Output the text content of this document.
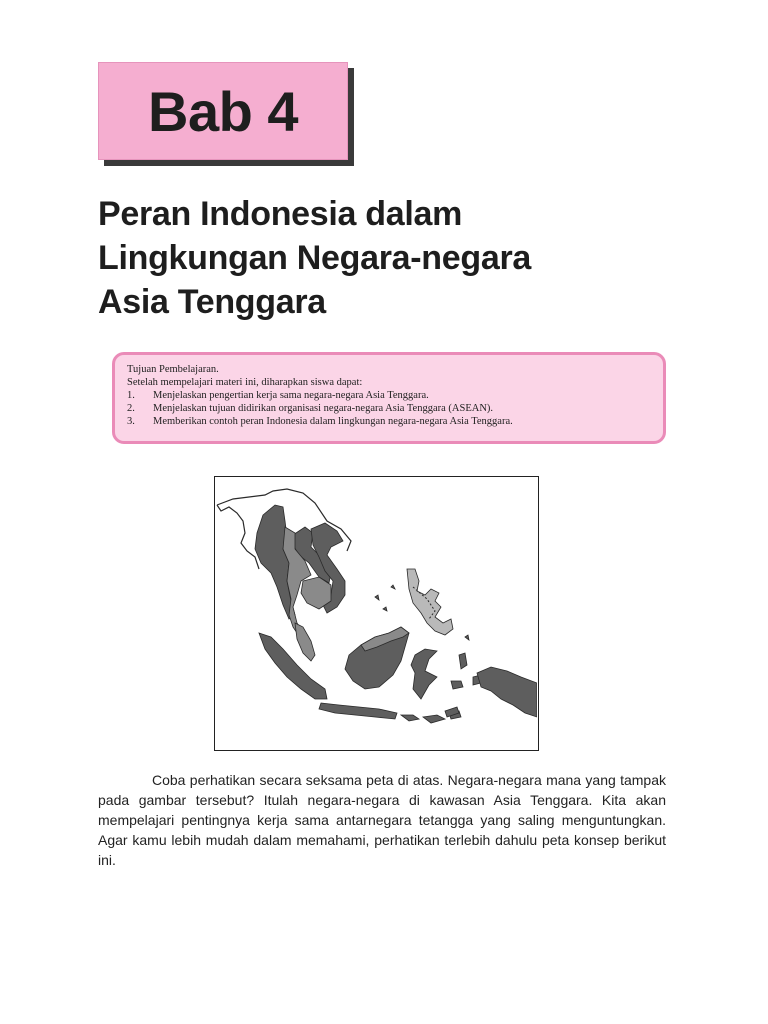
Bab 4
Peran Indonesia dalam
Lingkungan Negara-negara
Asia Tenggara
Tujuan Pembelajaran.
Setelah mempelajari materi ini, diharapkan siswa dapat:
1.	Menjelaskan pengertian kerja sama negara-negara Asia Tenggara.
2.	Menjelaskan tujuan didirikan organisasi negara-negara Asia Tenggara (ASEAN).
3.	Memberikan contoh peran Indonesia dalam lingkungan negara-negara Asia Tenggara.

Coba perhatikan secara seksama peta di atas. Negara-negara mana yang tampak pada gambar tersebut? Itulah negara-negara di kawasan Asia Tenggara. Kita akan mempelajari pentingnya kerja sama antarnegara tetangga yang saling menguntungkan. Agar kamu lebih mudah dalam memahami, perhatikan terlebih dahulu peta konsep berikut ini.
